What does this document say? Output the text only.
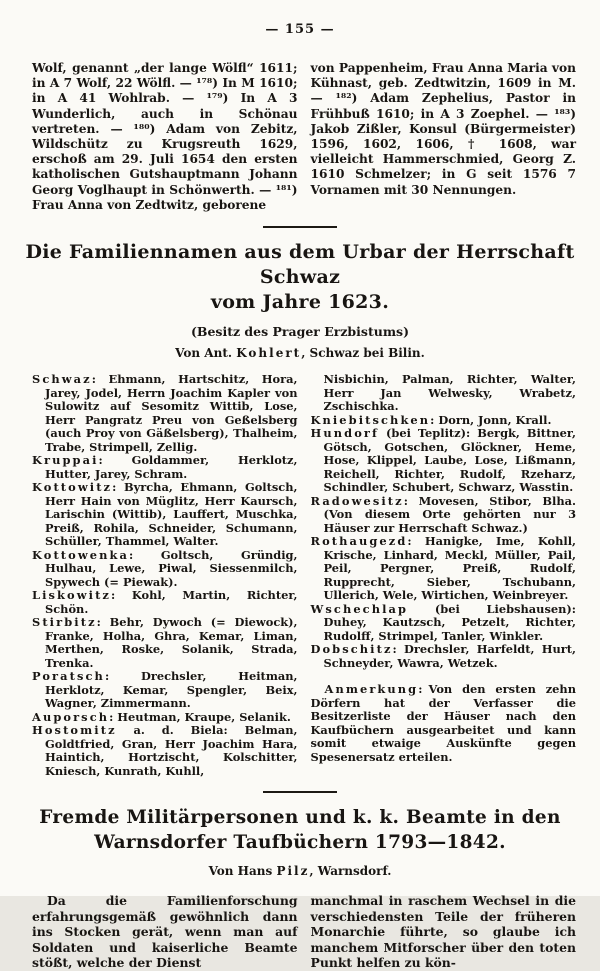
— 155 —

Wolf, genannt „der lange Wölfl“ 1611; in A 7 Wolf, 22 Wölfl. — ¹⁷⁸) In M 1610; in A 41 Wohlrab. — ¹⁷⁹) In A 3 Wunderlich, auch in Schönau vertreten. — ¹⁸⁰) Adam von Zebitz, Wildschütz zu Krugsreuth 1629, erschoß am 29. Juli 1654 den ersten katholischen Gutshauptmann Johann Georg Voglhaupt in Schönwerth. — ¹⁸¹) Frau Anna von Zedtwitz, geborene

von Pappenheim, Frau Anna Maria von Kühnast, geb. Zedtwitzin, 1609 in M. — ¹⁸²) Adam Zephelius, Pastor in Frühbuß 1610; in A 3 Zoephel. — ¹⁸³) Jakob Zißler, Konsul (Bürgermeister) 1596, 1602, 1606, † 1608, war vielleicht Hammerschmied, Georg Z. 1610 Schmelzer; in G seit 1576 7 Vornamen mit 30 Nennungen.

Die Familiennamen aus dem Urbar der Herrschaft Schwaz
vom Jahre 1623.
(Besitz des Prager Erzbistums)
Von Ant. Kohlert, Schwaz bei Bilin.

Schwaz: Ehmann, Hartschitz, Hora, Jarey, Jodel, Herrn Joachim Kapler von Sulowitz auf Sesomitz Wittib, Lose, Herr Pangratz Preu von Geßelsberg (auch Proy von Gäßelsberg), Thalheim, Trabe, Strimpell, Zellig.

Kruppai: Goldammer, Herklotz, Hutter, Jarey, Schram.

Kottowitz: Byrcha, Ehmann, Goltsch, Herr Hain von Müglitz, Herr Kaursch, Larischin (Wittib), Lauffert, Muschka, Preiß, Rohila, Schneider, Schumann, Schüller, Thammel, Walter.

Kottowenka: Goltsch, Gründig, Hulhau, Lewe, Piwal, Siessenmilch, Spywech (= Piewak).

Liskowitz: Kohl, Martin, Richter, Schön.

Stirbitz: Behr, Dywoch (= Diewock), Franke, Holha, Ghra, Kemar, Liman, Merthen, Roske, Solanik, Strada, Trenka.

Poratsch: Drechsler, Heitman, Herklotz, Kemar, Spengler, Beix, Wagner, Zimmermann.

Auporsch: Heutman, Kraupe, Selanik.

Hostomitz a. d. Biela: Belman, Goldtfried, Gran, Herr Joachim Hara, Haintich, Hortzischt, Kolschitter, Kniesch, Kunrath, Kuhll,

Nisbichin, Palman, Richter, Walter, Herr Jan Welwesky, Wrabetz, Zschischka.

Kniebitschken: Dorn, Jonn, Krall.

Hundorf (bei Teplitz): Bergk, Bittner, Götsch, Gotschen, Glöckner, Heme, Hose, Klippel, Laube, Lose, Lißmann, Reichell, Richter, Rudolf, Rzeharz, Schindler, Schubert, Schwarz, Wasstin.

Radowesitz: Movesen, Stibor, Blha. (Von diesem Orte gehörten nur 3 Häuser zur Herrschaft Schwaz.)

Rothaugezd: Hanigke, Ime, Kohll, Krische, Linhard, Meckl, Müller, Pail, Peil, Pergner, Preiß, Rudolf, Rupprecht, Sieber, Tschubann, Ullerich, Wele, Wirtichen, Weinbreyer.

Wschechlap (bei Liebshausen): Duhey, Kautzsch, Petzelt, Richter, Rudolff, Strimpel, Tanler, Winkler.

Dobschitz: Drechsler, Harfeldt, Hurt, Schneyder, Wawra, Wetzek.

Anmerkung: Von den ersten zehn Dörfern hat der Verfasser die Besitzerliste der Häuser nach den Kaufbüchern ausgearbeitet und kann somit etwaige Auskünfte gegen Spesenersatz erteilen.

Fremde Militärpersonen und k. k. Beamte in den
Warnsdorfer Taufbüchern 1793—1842.
Von Hans Pilz, Warnsdorf.

Da die Familienforschung erfahrungsgemäß gewöhnlich dann ins Stocken gerät, wenn man auf Soldaten und kaiserliche Beamte stößt, welche der Dienst

manchmal in raschem Wechsel in die verschiedensten Teile der früheren Monarchie führte, so glaube ich manchem Mitforscher über den toten Punkt helfen zu kön-
